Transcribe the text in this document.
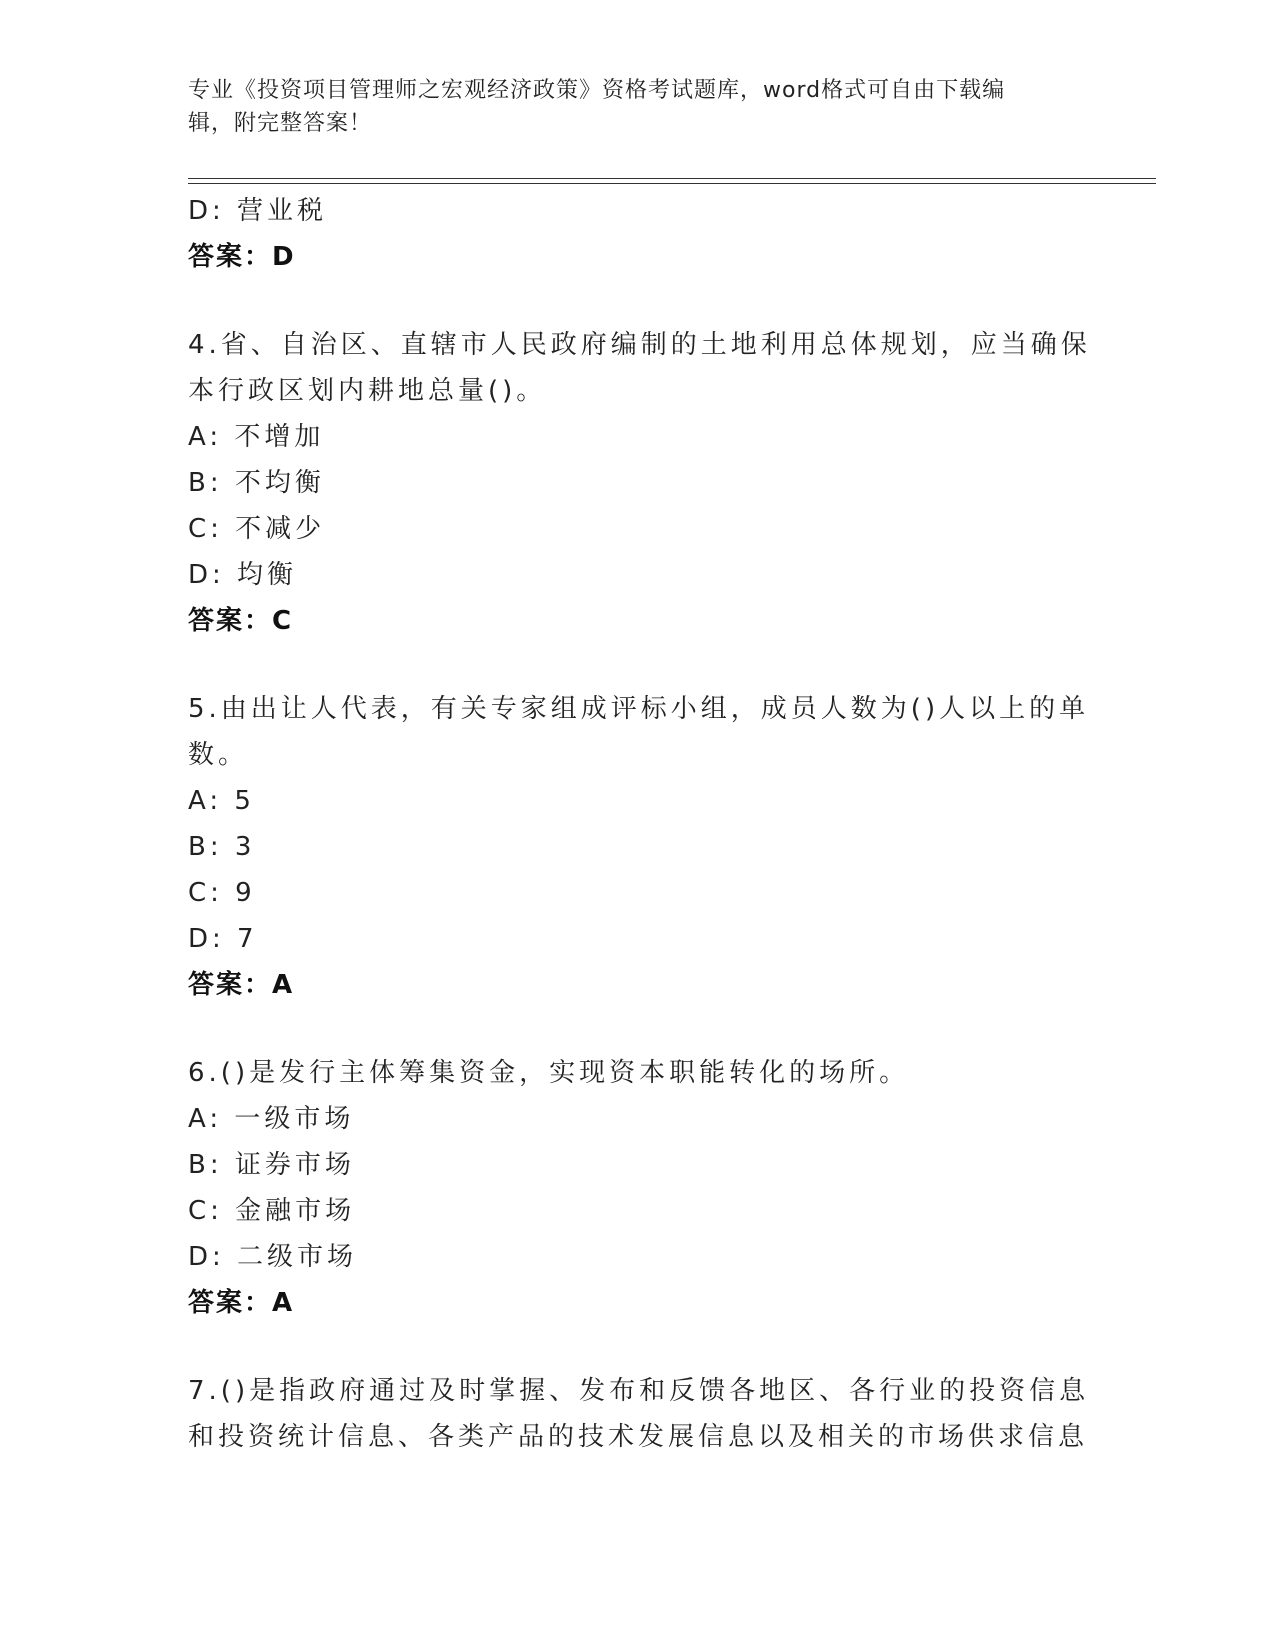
专业《投资项目管理师之宏观经济政策》资格考试题库，word格式可自由下载编
辑，附完整答案！
D: 营业税
答案：D
4.省、自治区、直辖市人民政府编制的土地利用总体规划，应当确保
本行政区划内耕地总量()。
A: 不增加
B: 不均衡
C: 不减少
D: 均衡
答案：C
5.由出让人代表，有关专家组成评标小组，成员人数为()人以上的单
数。
A: 5
B: 3
C: 9
D: 7
答案：A
6.()是发行主体筹集资金，实现资本职能转化的场所。
A: 一级市场
B: 证券市场
C: 金融市场
D: 二级市场
答案：A
7.()是指政府通过及时掌握、发布和反馈各地区、各行业的投资信息
和投资统计信息、各类产品的技术发展信息以及相关的市场供求信息
